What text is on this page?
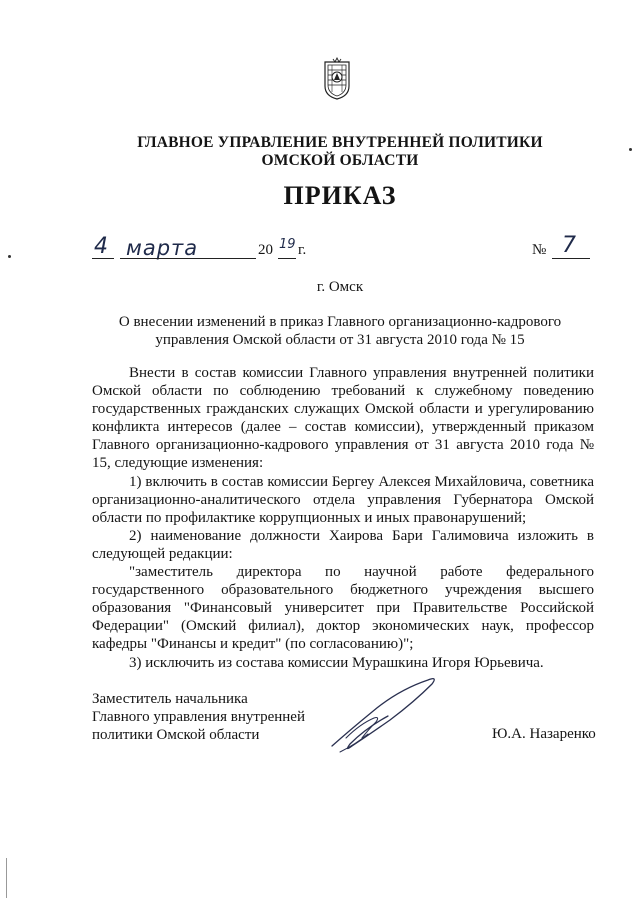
ГЛАВНОЕ УПРАВЛЕНИЕ ВНУТРЕННЕЙ ПОЛИТИКИ
ОМСКОЙ ОБЛАСТИ
ПРИКАЗ
4 марта	20 19 г.	№ 7
г. Омск
О внесении изменений в приказ Главного организационно-кадрового управления Омской области от 31 августа 2010 года № 15

Внести в состав комиссии Главного управления внутренней политики Омской области по соблюдению требований к служебному поведению государственных гражданских служащих Омской области и урегулированию конфликта интересов (далее – состав комиссии), утвержденный приказом Главного организационно-кадрового управления от 31 августа 2010 года № 15, следующие изменения:

1) включить в состав комиссии Бергеу Алексея Михайловича, советника организационно-аналитического отдела управления Губернатора Омской области по профилактике коррупционных и иных правонарушений;

2) наименование должности Хаирова Бари Галимовича изложить в следующей редакции:

"заместитель директора по научной работе федерального государственного образовательного бюджетного учреждения высшего образования "Финансовый университет при Правительстве Российской Федерации" (Омский филиал), доктор экономических наук, профессор кафедры "Финансы и кредит" (по согласованию)";

3) исключить из состава комиссии Мурашкина Игоря Юрьевича.

Заместитель начальника
Главного управления внутренней
политики Омской области	Ю.А. Назаренко
